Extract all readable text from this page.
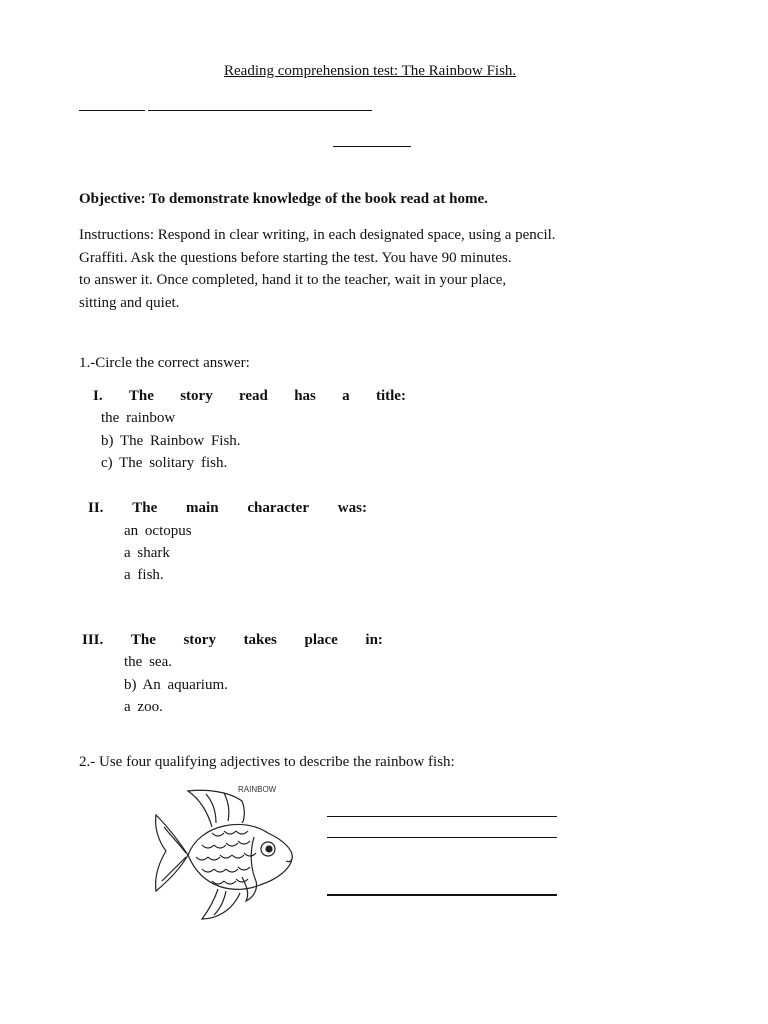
Reading comprehension test: The Rainbow Fish.
Objective: To demonstrate knowledge of the book read at home.
Instructions: Respond in clear writing, in each designated space, using a pencil.
Graffiti. Ask the questions before starting the test. You have 90 minutes.
to answer it. Once completed, hand it to the teacher, wait in your place,
sitting and quiet.
1.-Circle the correct answer:
I. The story read has a title:
the rainbow
b) The Rainbow Fish.
c) The solitary fish.
II. The main character was:
an octopus
a shark
a fish.
III. The story takes place in:
the sea.
b) An aquarium.
a zoo.
2.- Use four qualifying adjectives to describe the rainbow fish:
RAINBOW
